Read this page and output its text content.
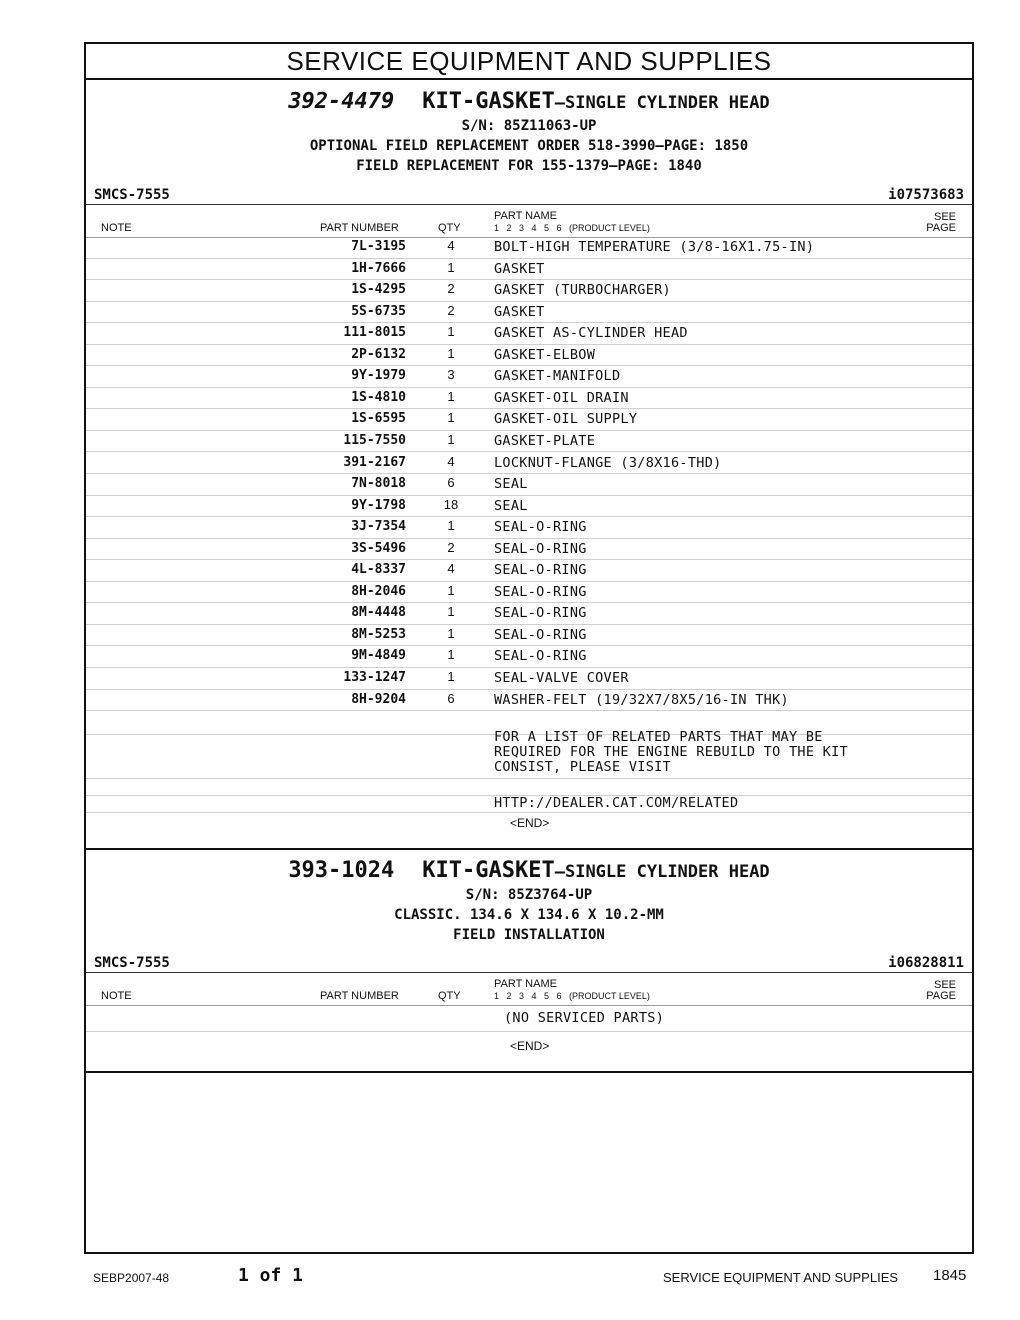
SERVICE EQUIPMENT AND SUPPLIES
392-4479 KIT-GASKET—SINGLE CYLINDER HEAD
S/N: 85Z11063-UP
OPTIONAL FIELD REPLACEMENT ORDER 518-3990—PAGE: 1850
FIELD REPLACEMENT FOR 155-1379—PAGE: 1840
SMCS-7555	i07573683
NOTE	PART NUMBER	QTY
PART NAME
1   2   3   4   5   6   (PRODUCT LEVEL)
SEE
PAGE
7L-3195	4	BOLT-HIGH TEMPERATURE (3/8-16X1.75-IN)
1H-7666	1	GASKET
1S-4295	2	GASKET (TURBOCHARGER)
5S-6735	2	GASKET
111-8015	1	GASKET AS-CYLINDER HEAD
2P-6132	1	GASKET-ELBOW
9Y-1979	3	GASKET-MANIFOLD
1S-4810	1	GASKET-OIL DRAIN
1S-6595	1	GASKET-OIL SUPPLY
115-7550	1	GASKET-PLATE
391-2167	4	LOCKNUT-FLANGE (3/8X16-THD)
7N-8018	6	SEAL
9Y-1798	18	SEAL
3J-7354	1	SEAL-O-RING
3S-5496	2	SEAL-O-RING
4L-8337	4	SEAL-O-RING
8H-2046	1	SEAL-O-RING
8M-4448	1	SEAL-O-RING
8M-5253	1	SEAL-O-RING
9M-4849	1	SEAL-O-RING
133-1247	1	SEAL-VALVE COVER
8H-9204	6	WASHER-FELT (19/32X7/8X5/16-IN THK)
FOR A LIST OF RELATED PARTS THAT MAY BE
REQUIRED FOR THE ENGINE REBUILD TO THE KIT
CONSIST, PLEASE VISIT
HTTP://DEALER.CAT.COM/RELATED
<END>
393-1024 KIT-GASKET—SINGLE CYLINDER HEAD
S/N: 85Z3764-UP
CLASSIC. 134.6 X 134.6 X 10.2-MM
FIELD INSTALLATION
SMCS-7555	i06828811
NOTE	PART NUMBER	QTY
PART NAME
1   2   3   4   5   6   (PRODUCT LEVEL)
SEE
PAGE
(NO SERVICED PARTS)
<END>
SEBP2007-48	1 of 1	SERVICE EQUIPMENT AND SUPPLIES 1845
